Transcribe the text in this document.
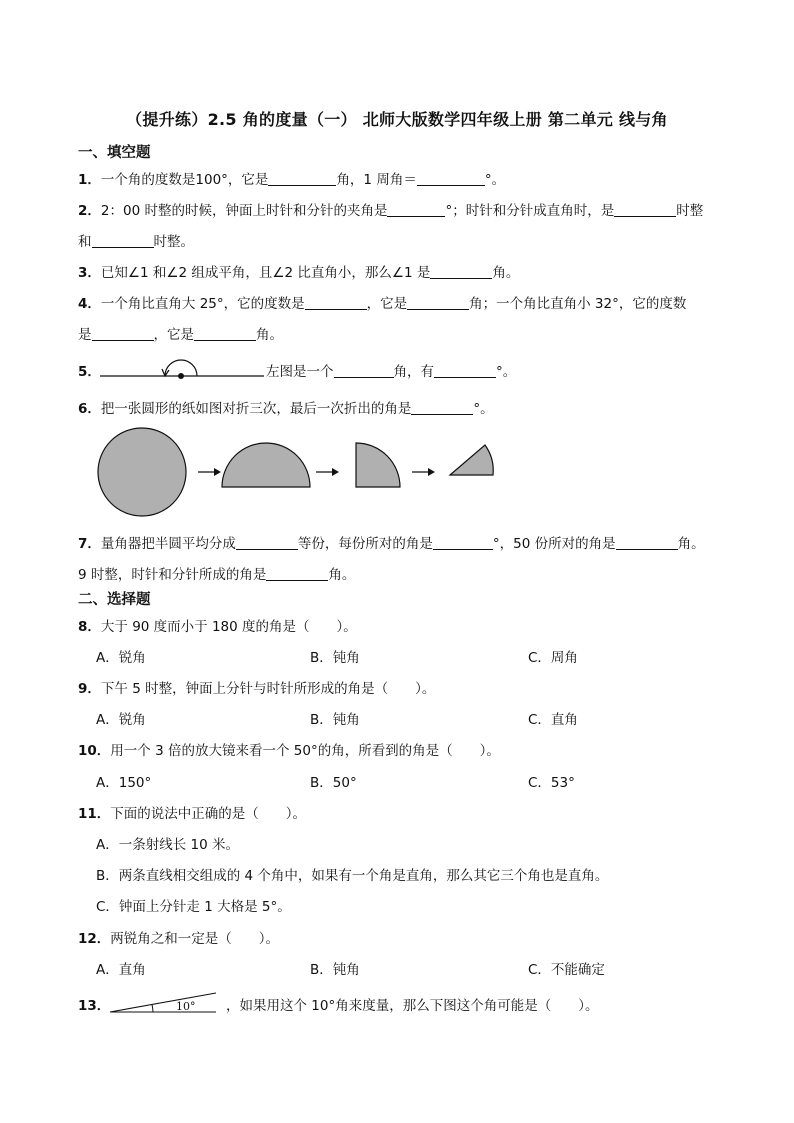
（提升练）2.5 角的度量（一） 北师大版数学四年级上册 第二单元 线与角
一、填空题
1．一个角的度数是100°，它是	角，1 周角＝	°。
2．2：00 时整的时候，钟面上时针和分针的夹角是	°；时针和分针成直角时，是	时整
和	时整。
3．已知∠1 和∠2 组成平角，且∠2 比直角小，那么∠1 是	角。
4．一个角比直角大 25°，它的度数是	，它是	角；一个角比直角小 32°，它的度数
是	，它是	角。
5．	左图是一个	角，有	°。
6．把一张圆形的纸如图对折三次，最后一次折出的角是	°。
7．量角器把半圆平均分成	等份，每份所对的角是	°，50 份所对的角是	角。
9 时整，时针和分针所成的角是	角。
二、选择题
8．大于 90 度而小于 180 度的角是（　　）。
A．锐角	B．钝角	C．周角
9．下午 5 时整，钟面上分针与时针所形成的角是（　　）。
A．锐角	B．钝角	C．直角
10．用一个 3 倍的放大镜来看一个 50°的角，所看到的角是（　　）。
A．150°	B．50°	C．53°
11．下面的说法中正确的是（　　）。
A．一条射线长 10 米。
B．两条直线相交组成的 4 个角中，如果有一个角是直角，那么其它三个角也是直角。
C．钟面上分针走 1 大格是 5°。
12．两锐角之和一定是（　　）。
A．直角	B．钝角	C．不能确定
13．	10° ，如果用这个 10°角来度量，那么下图这个角可能是（　　）。
